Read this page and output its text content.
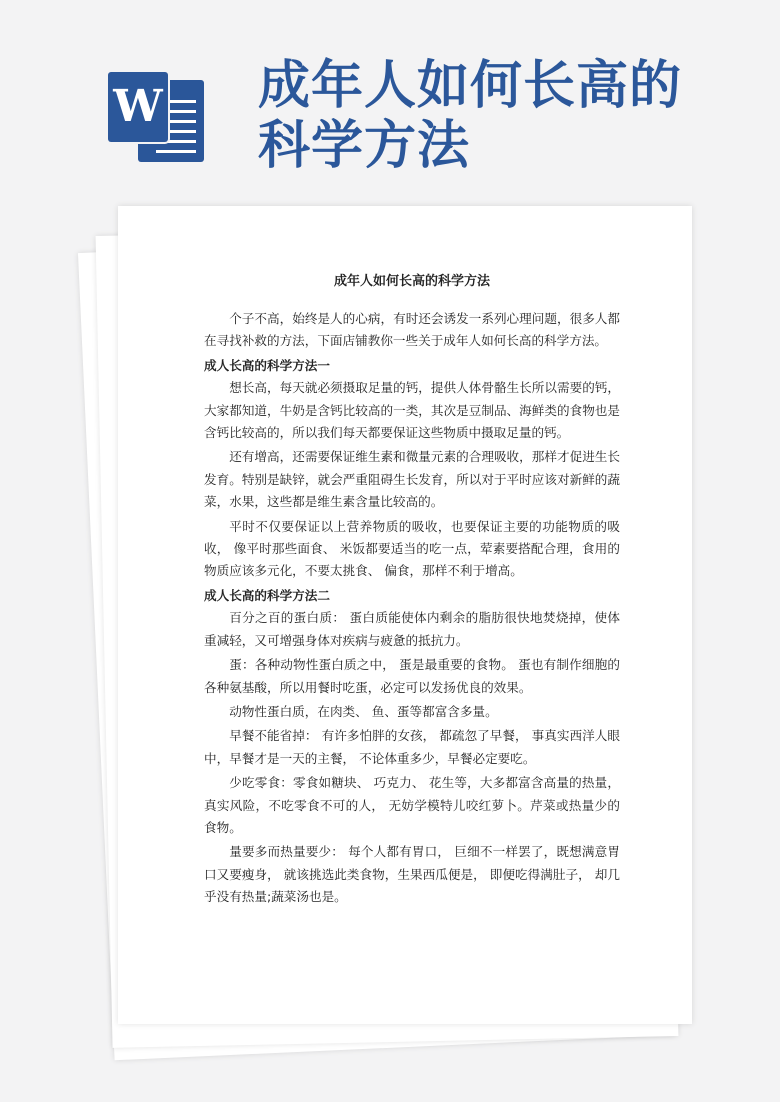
W 成年人如何长高的
科学方法
成年人如何长高的科学方法

个子不高，始终是人的心病，有时还会诱发一系列心理问题，很多人都在寻找补救的方法，下面店铺教你一些关于成年人如何长高的科学方法。

成人长高的科学方法一

想长高，每天就必须摄取足量的钙，提供人体骨骼生长所以需要的钙，大家都知道，牛奶是含钙比较高的一类，其次是豆制品、海鲜类的食物也是含钙比较高的，所以我们每天都要保证这些物质中摄取足量的钙。

还有增高，还需要保证维生素和微量元素的合理吸收，那样才促进生长发育。特别是缺锌，就会严重阻碍生长发育，所以对于平时应该对新鲜的蔬菜，水果，这些都是维生素含量比较高的。

平时不仅要保证以上营养物质的吸收，也要保证主要的功能物质的吸收， 像平时那些面食、 米饭都要适当的吃一点，荤素要搭配合理，食用的物质应该多元化，不要太挑食、 偏食，那样不利于增高。

成人长高的科学方法二

百分之百的蛋白质： 蛋白质能使体内剩余的脂肪很快地焚烧掉，使体重减轻，又可增强身体对疾病与疲惫的抵抗力。

蛋：各种动物性蛋白质之中， 蛋是最重要的食物。 蛋也有制作细胞的各种氨基酸，所以用餐时吃蛋，必定可以发扬优良的效果。

动物性蛋白质，在肉类、 鱼、蛋等都富含多量。

早餐不能省掉： 有许多怕胖的女孩， 都疏忽了早餐， 事真实西洋人眼中，早餐才是一天的主餐， 不论体重多少，早餐必定要吃。

少吃零食：零食如糖块、 巧克力、 花生等，大多都富含高量的热量， 真实风险，不吃零食不可的人， 无妨学模特儿咬红萝卜。芹菜或热量少的食物。

量要多而热量要少： 每个人都有胃口， 巨细不一样罢了，既想满意胃口又要瘦身， 就该挑选此类食物，生果西瓜便是， 即便吃得满肚子， 却几乎没有热量;蔬菜汤也是。
